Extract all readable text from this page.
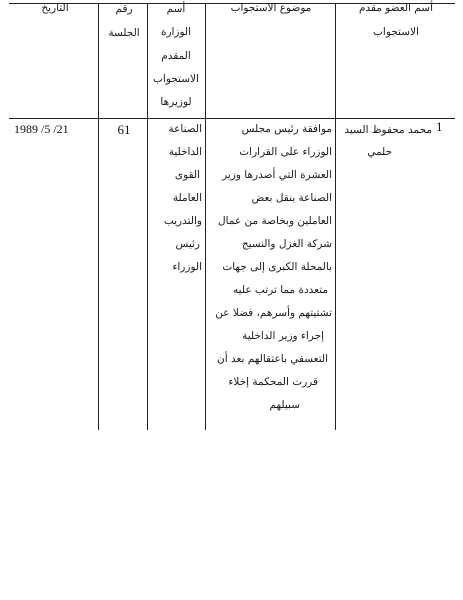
التاريخ	رقم
الجلسة
أسم
الوزارة
المقدم
الاستجواب
لوزيرها
موضوع الاستجواب	أسم العضو مقدم
الاستجواب
1
محمد محفوظ السيد
حلمي
موافقة رئيس مجلس
الوزراء على القرارات
العشرة التي أصدرها وزير
الصناعة بنقل بعض
العاملين وبخاصة من عمال
شركة الغزل والنسيج
بالمحلة الكبرى إلى جهات
متعددة مما ترتب عليه
تشتيتهم وأسرهم، فضلا عن
إجراء وزير الداخلية
التعسفي باعتقالهم بعد أن
قررت المحكمة إخلاء
سبيلهم
الصناعة
الداخلية
القوى
العاملة
والتدريب
رئيس
الوزراء
61
1989 /5 /21
